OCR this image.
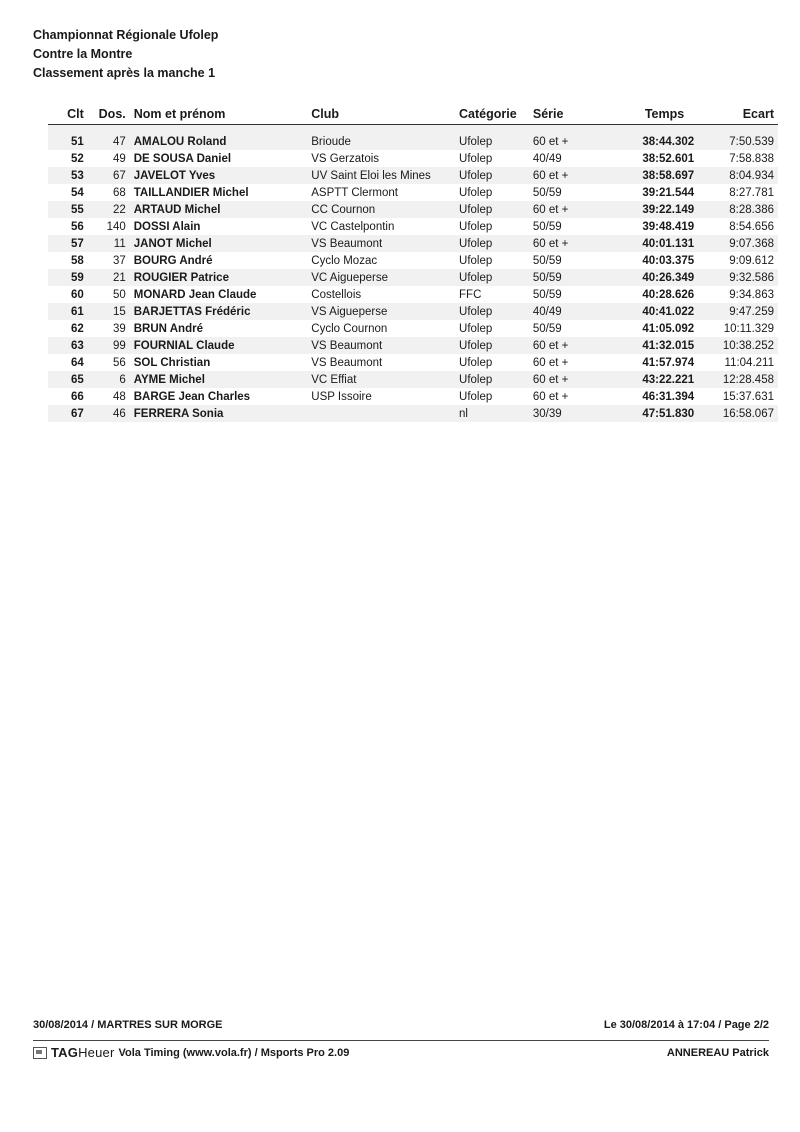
Championnat Régionale Ufolep
Contre la Montre
Classement après la manche 1
Clt	Dos.	Nom et prénom	Club	Catégorie	Série	Temps	Ecart
51	47	AMALOU Roland	Brioude	Ufolep	60 et +	38:44.302	7:50.539
52	49	DE SOUSA Daniel	VS Gerzatois	Ufolep	40/49	38:52.601	7:58.838
53	67	JAVELOT Yves	UV Saint Eloi les Mines	Ufolep	60 et +	38:58.697	8:04.934
54	68	TAILLANDIER Michel	ASPTT Clermont	Ufolep	50/59	39:21.544	8:27.781
55	22	ARTAUD Michel	CC Cournon	Ufolep	60 et +	39:22.149	8:28.386
56	140	DOSSI Alain	VC Castelpontin	Ufolep	50/59	39:48.419	8:54.656
57	11	JANOT Michel	VS Beaumont	Ufolep	60 et +	40:01.131	9:07.368
58	37	BOURG André	Cyclo Mozac	Ufolep	50/59	40:03.375	9:09.612
59	21	ROUGIER Patrice	VC Aigueperse	Ufolep	50/59	40:26.349	9:32.586
60	50	MONARD Jean Claude	Costellois	FFC	50/59	40:28.626	9:34.863
61	15	BARJETTAS Frédéric	VS Aigueperse	Ufolep	40/49	40:41.022	9:47.259
62	39	BRUN André	Cyclo Cournon	Ufolep	50/59	41:05.092	10:11.329
63	99	FOURNIAL Claude	VS Beaumont	Ufolep	60 et +	41:32.015	10:38.252
64	56	SOL Christian	VS Beaumont	Ufolep	60 et +	41:57.974	11:04.211
65	6	AYME Michel	VC Effiat	Ufolep	60 et +	43:22.221	12:28.458
66	48	BARGE Jean Charles	USP Issoire	Ufolep	60 et +	46:31.394	15:37.631
67	46	FERRERA Sonia		nl	30/39	47:51.830	16:58.067
30/08/2014 / MARTRES SUR MORGE	Le 30/08/2014 à 17:04 / Page 2/2
TAGHeuer Vola Timing (www.vola.fr) / Msports Pro 2.09	ANNEREAU Patrick
